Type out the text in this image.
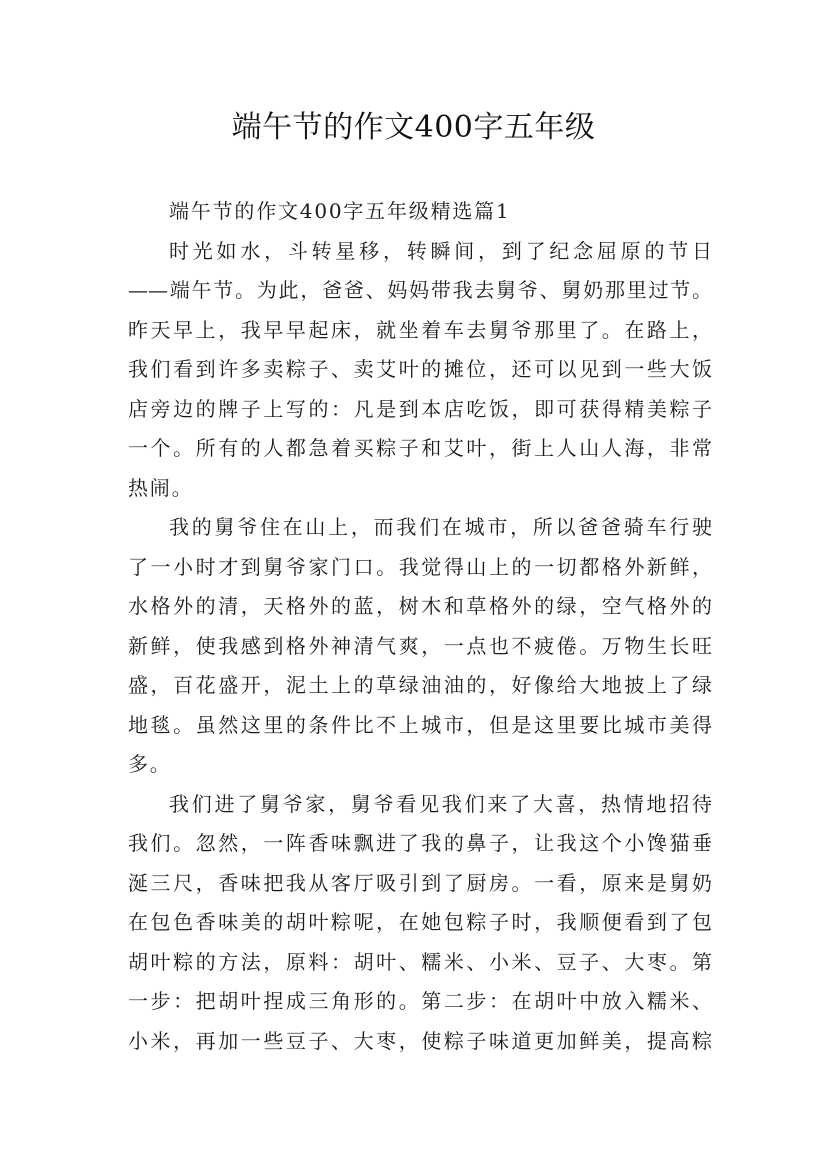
端午节的作文400字五年级
端午节的作文400字五年级精选篇1
时光如水，斗转星移，转瞬间，到了纪念屈原的节日
——端午节。为此，爸爸、妈妈带我去舅爷、舅奶那里过节。
昨天早上，我早早起床，就坐着车去舅爷那里了。在路上，
我们看到许多卖粽子、卖艾叶的摊位，还可以见到一些大饭
店旁边的牌子上写的：凡是到本店吃饭，即可获得精美粽子
一个。所有的人都急着买粽子和艾叶，街上人山人海，非常
热闹。
我的舅爷住在山上，而我们在城市，所以爸爸骑车行驶
了一小时才到舅爷家门口。我觉得山上的一切都格外新鲜，
水格外的清，天格外的蓝，树木和草格外的绿，空气格外的
新鲜，使我感到格外神清气爽，一点也不疲倦。万物生长旺
盛，百花盛开，泥土上的草绿油油的，好像给大地披上了绿
地毯。虽然这里的条件比不上城市，但是这里要比城市美得
多。
我们进了舅爷家，舅爷看见我们来了大喜，热情地招待
我们。忽然，一阵香味飘进了我的鼻子，让我这个小馋猫垂
涎三尺，香味把我从客厅吸引到了厨房。一看，原来是舅奶
在包色香味美的胡叶粽呢，在她包粽子时，我顺便看到了包
胡叶粽的方法，原料：胡叶、糯米、小米、豆子、大枣。第
一步：把胡叶捏成三角形的。第二步：在胡叶中放入糯米、
小米，再加一些豆子、大枣，使粽子味道更加鲜美，提高粽
